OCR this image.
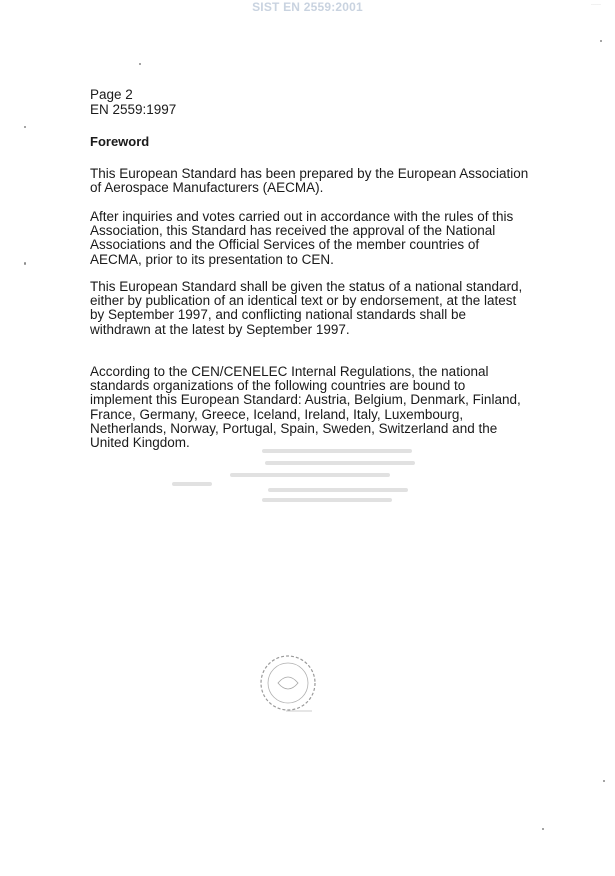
SIST EN 2559:2001	·····
Page 2
EN 2559:1997
Foreword

This European Standard has been prepared by the European Association of Aerospace Manufacturers (AECMA).

After inquiries and votes carried out in accordance with the rules of this Association, this Standard has received the approval of the National Associations and the Official Services of the member countries of AECMA, prior to its presentation to CEN.

This European Standard shall be given the status of a national standard, either by publication of an identical text or by endorsement, at the latest by September 1997, and conflicting national standards shall be withdrawn at the latest by September 1997.

According to the CEN/CENELEC Internal Regulations, the national standards organizations of the following countries are bound to implement this European Standard: Austria, Belgium, Denmark, Finland, France, Germany, Greece, Iceland, Ireland, Italy, Luxembourg, Netherlands, Norway, Portugal, Spain, Sweden, Switzerland and the United Kingdom.
